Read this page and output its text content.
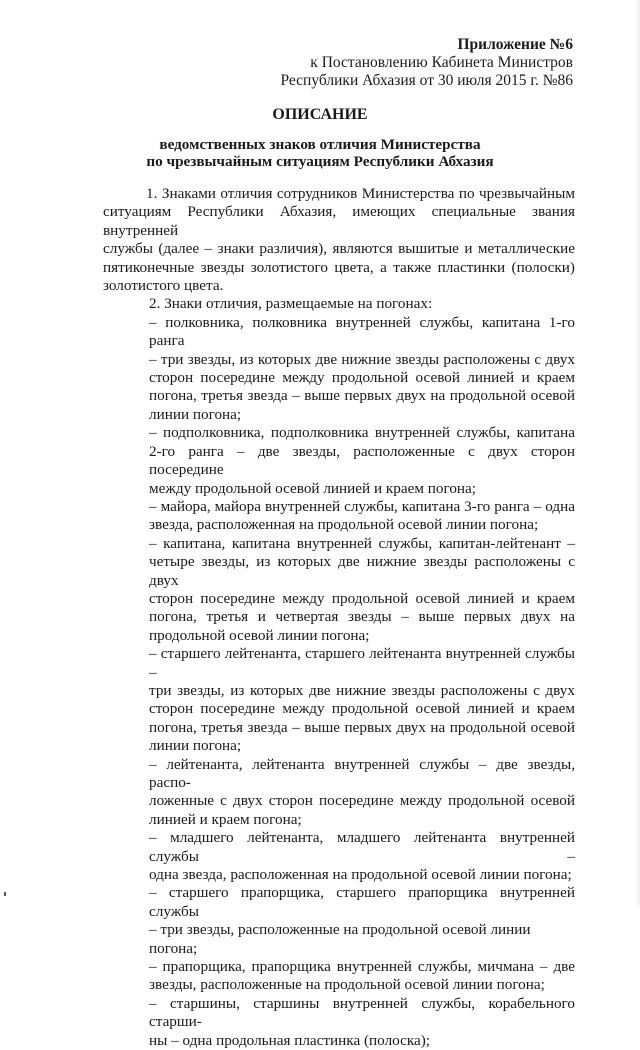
Приложение №6
к Постановлению Кабинета Министров
Республики Абхазия от 30 июля 2015 г. №86
ОПИСАНИЕ
ведомственных знаков отличия Министерства
по чрезвычайным ситуациям Республики Абхазия
1. Знаками отличия сотрудников Министерства по чрезвычайным
ситуациям Республики Абхазия, имеющих специальные звания внутренней
службы (далее – знаки различия), являются вышитые и металлические
пятиконечные звезды золотистого цвета, а также пластинки (полоски)
золотистого цвета.
2. Знаки отличия, размещаемые на погонах:
– полковника, полковника внутренней службы, капитана 1-го ранга
– три звезды, из которых две нижние звезды расположены с двух
сторон посередине между продольной осевой линией и краем
погона, третья звезда – выше первых двух на продольной осевой
линии погона;
– подполковника, подполковника внутренней службы, капитана
2-го ранга – две звезды, расположенные с двух сторон посередине
между продольной осевой линией и краем погона;
– майора, майора внутренней службы, капитана 3-го ранга – одна
звезда, расположенная на продольной осевой линии погона;
– капитана, капитана внутренней службы, капитан-лейтенант –
четыре звезды, из которых две нижние звезды расположены с двух
сторон посередине между продольной осевой линией и краем
погона, третья и четвертая звезды – выше первых двух на
продольной осевой линии погона;
– старшего лейтенанта, старшего лейтенанта внутренней службы –
три звезды, из которых две нижние звезды расположены с двух
сторон посередине между продольной осевой линией и краем
погона, третья звезда – выше первых двух на продольной осевой
линии погона;
– лейтенанта, лейтенанта внутренней службы – две звезды, распо-
ложенные с двух сторон посередине между продольной осевой
линией и краем погона;
– младшего лейтенанта, младшего лейтенанта внутренней службы –
одна звезда, расположенная на продольной осевой линии погона;
– старшего прапорщика, старшего прапорщика внутренней службы
– три звезды, расположенные на продольной осевой линии погона;
– прапорщика, прапорщика внутренней службы, мичмана – две
звезды, расположенные на продольной осевой линии погона;
– старшины, старшины внутренней службы, корабельного старши-
ны – одна продольная пластинка (полоска);
